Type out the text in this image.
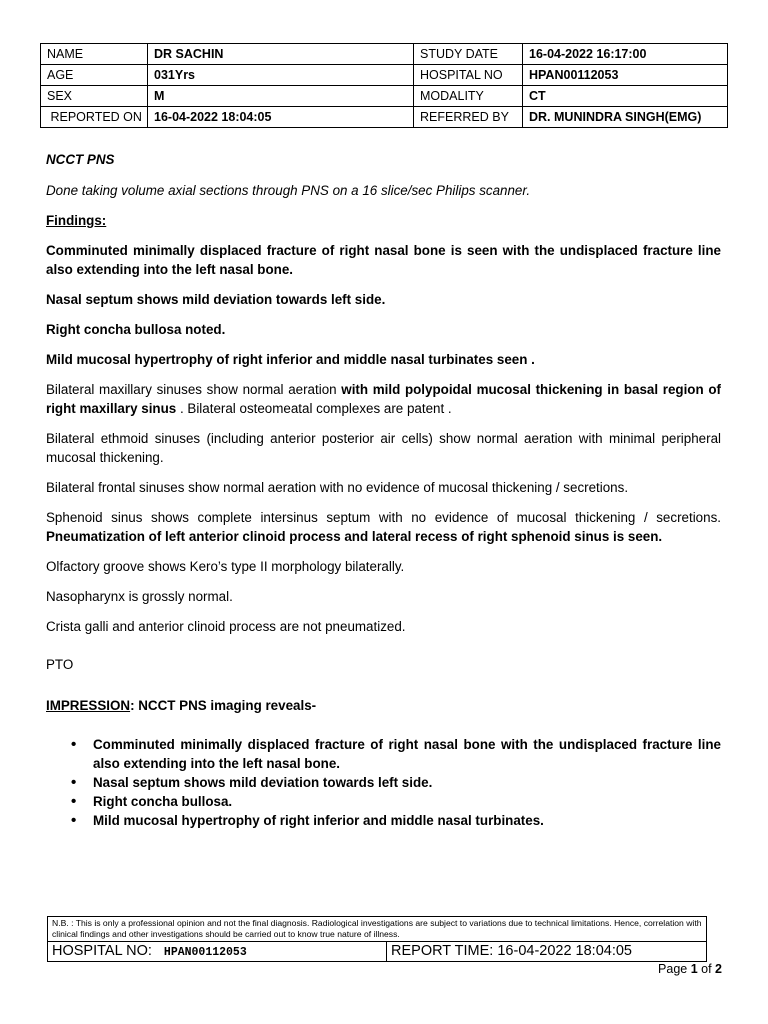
NAME	DR SACHIN	STUDY DATE	16-04-2022 16:17:00
AGE	031Yrs	HOSPITAL NO	HPAN00112053
SEX	M	MODALITY	CT
REPORTED ON	16-04-2022 18:04:05	REFERRED BY	DR. MUNINDRA SINGH(EMG)

NCCT PNS

Done taking volume axial sections through PNS on a 16 slice/sec Philips scanner.

Findings:

Comminuted minimally displaced fracture of right nasal bone is seen with the undisplaced fracture line also extending into the left nasal bone.

Nasal septum shows mild deviation towards left side.

Right concha bullosa noted.

Mild mucosal hypertrophy of right inferior and middle nasal turbinates seen .

Bilateral maxillary sinuses show normal aeration with mild polypoidal mucosal thickening in basal region of right maxillary sinus . Bilateral osteomeatal complexes are patent .

Bilateral ethmoid sinuses (including anterior posterior air cells) show normal aeration with minimal peripheral mucosal thickening.

Bilateral frontal sinuses show normal aeration with no evidence of mucosal thickening / secretions.

Sphenoid sinus shows complete intersinus septum with no evidence of mucosal thickening / secretions.  Pneumatization of left anterior clinoid process and lateral recess of right sphenoid sinus is seen.

Olfactory groove shows Kero’s type II morphology bilaterally.

Nasopharynx is grossly normal.

Crista galli and anterior clinoid process are not pneumatized.

PTO

IMPRESSION: NCCT PNS imaging reveals-

• Comminuted minimally displaced fracture of right nasal bone with the undisplaced fracture line also extending into the left nasal bone.
• Nasal septum shows mild deviation towards left side.
• Right concha bullosa.
• Mild mucosal hypertrophy of right inferior and middle nasal turbinates.
N.B. : This is only a professional opinion and not the final diagnosis. Radiological investigations are subject to variations due to technical limitations. Hence, correlation with clinical findings and other investigations should be carried out to know true nature of illness.
HOSPITAL NO: HPAN00112053	REPORT TIME: 16-04-2022 18:04:05
Page 1 of 2
